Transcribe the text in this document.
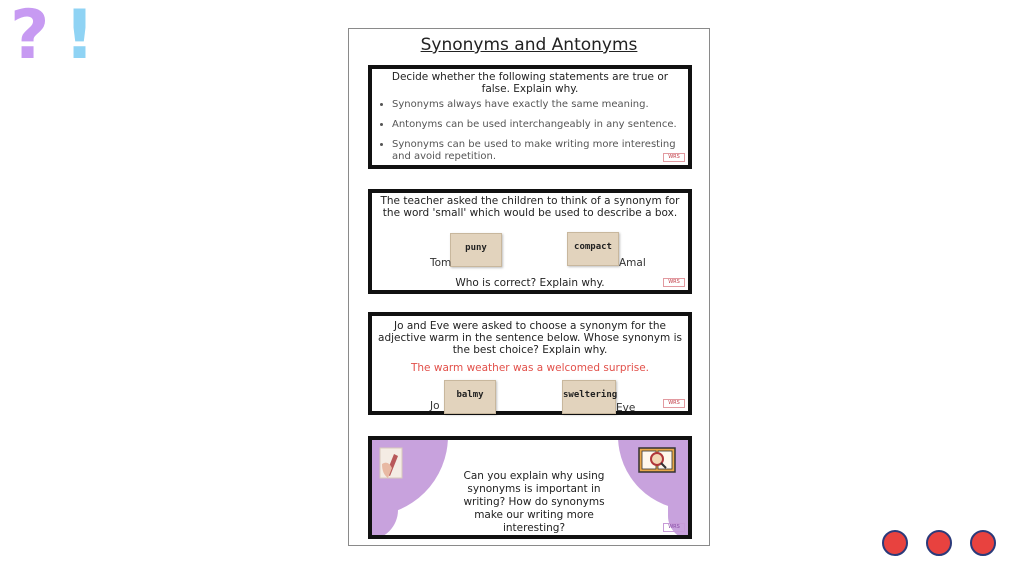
? !	Synonyms and Antonyms
Decide whether the following statements are true or false. Explain why.
• Synonyms always have exactly the same meaning.
• Antonyms can be used interchangeably in any sentence.
• Synonyms can be used to make writing more interesting and avoid repetition.	WRS
The teacher asked the children to think of a synonym for the word 'small' which would be used to describe a box.
puny
Tom
compact
Amal
Who is correct? Explain why.	WRS
Jo and Eve were asked to choose a synonym for the adjective warm in the sentence below. Whose synonym is the best choice? Explain why.
The warm weather was a welcomed surprise.
balmy
Jo
sweltering
Eve	WRS
Can you explain why using synonyms is important in writing? How do synonyms make our writing more interesting?	WRS
